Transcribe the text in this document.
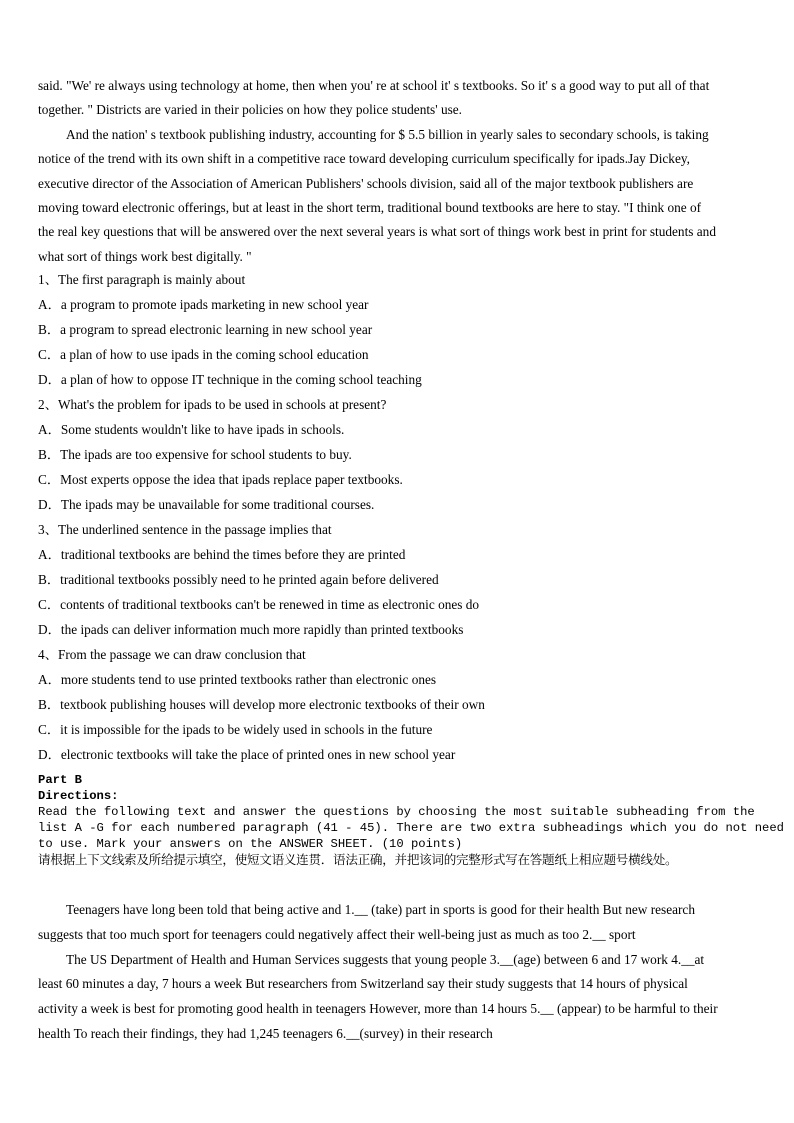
said. "We' re always using technology at home, then when you' re at school it' s textbooks. So it' s a good way to put all of that
together. " Districts are varied in their policies on how they police students' use.
And the nation' s textbook publishing industry, accounting for $ 5.5 billion in yearly sales to secondary schools, is taking
notice of the trend with its own shift in a competitive race toward developing curriculum specifically for ipads.Jay Dickey,
executive director of the Association of American Publishers' schools division, said all of the major textbook publishers are
moving toward electronic offerings, but at least in the short term, traditional bound textbooks are here to stay. "I think one of
the real key questions that will be answered over the next several years is what sort of things work best in print for students and
what sort of things work best digitally. "
1、The first paragraph is mainly about
A．a program to promote ipads marketing in new school year
B．a program to spread electronic learning in new school year
C．a plan of how to use ipads in the coming school education
D．a plan of how to oppose IT technique in the coming school teaching
2、What's the problem for ipads to be used in schools at present?
A．Some students wouldn't like to have ipads in schools.
B．The ipads are too expensive for school students to buy.
C．Most experts oppose the idea that ipads replace paper textbooks.
D．The ipads may be unavailable for some traditional courses.
3、The underlined sentence in the passage implies that
A．traditional textbooks are behind the times before they are printed
B．traditional textbooks possibly need to he printed again before delivered
C．contents of traditional textbooks can't be renewed in time as electronic ones do
D．the ipads can deliver information much more rapidly than printed textbooks
4、From the passage we can draw conclusion that
A．more students tend to use printed textbooks rather than electronic ones
B．textbook publishing houses will develop more electronic textbooks of their own
C．it is impossible for the ipads to be widely used in schools in the future
D．electronic textbooks will take the place of printed ones in new school year
Part B
Directions:
Read the following text and answer the questions by choosing the most suitable subheading from the
list A -G for each numbered paragraph (41 - 45). There are two extra subheadings which you do not need
to use. Mark your answers on the ANSWER SHEET. (10 points)
请根据上下文线索及所给提示填空，使短文语义连贯．语法正确，并把该词的完整形式写在答题纸上相应题号横线处。
Teenagers have long been told that being active and 1.__ (take) part in sports is good for their health But new research
suggests that too much sport for teenagers could negatively affect their well-being just as much as too 2.__ sport
The US Department of Health and Human Services suggests that young people 3.__(age) between 6 and 17 work 4.__at
least 60 minutes a day, 7 hours a week But researchers from Switzerland say their study suggests that 14 hours of physical
activity a week is best for promoting good health in teenagers However, more than 14 hours 5.__ (appear) to be harmful to their
health To reach their findings, they had 1,245 teenagers 6.__(survey) in their research
